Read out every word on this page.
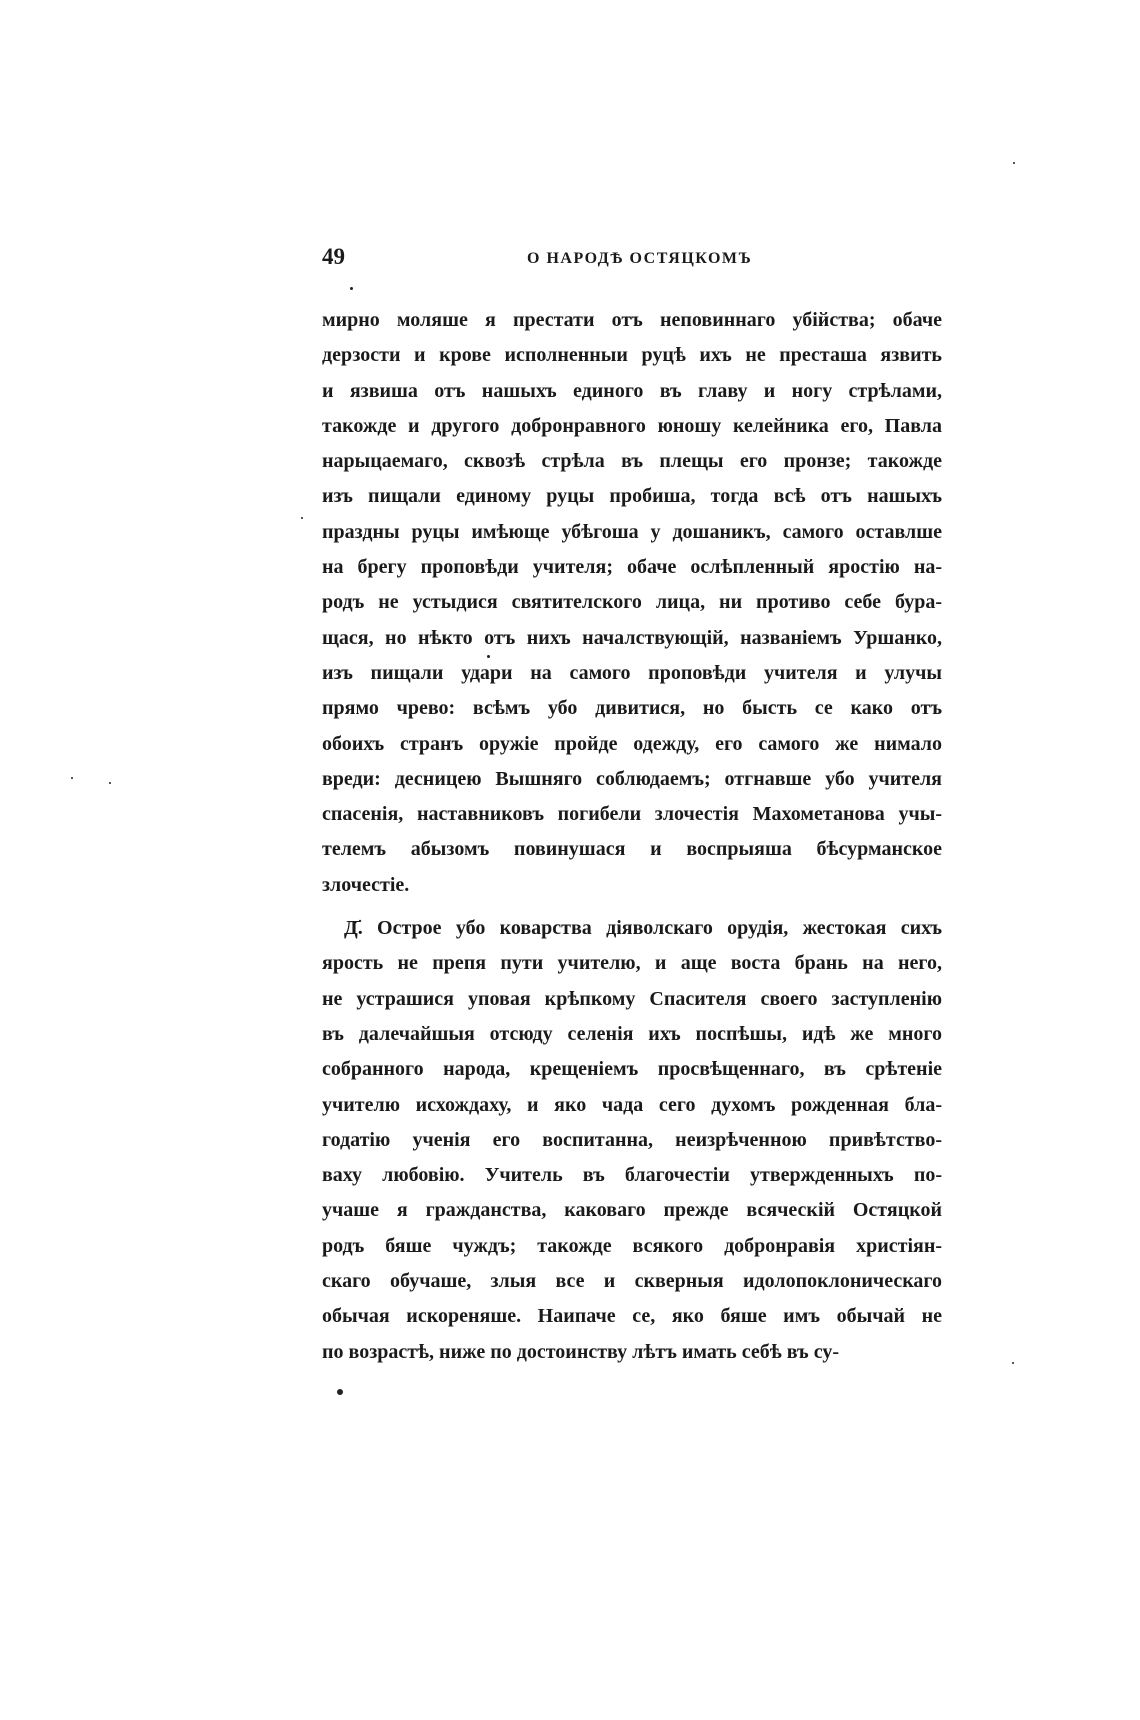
49	О НАРОДѢ ОСТЯЦКОМЪ
мирно моляше я престати отъ неповиннаго убійства; обаче
дерзости и крове исполненныи руцѣ ихъ не престаша язвить
и язвиша отъ нашыхъ единого въ главу и ногу стрѣлами,
такожде и другого добронравного юношу келейника его, Павла
нарыцаемаго, сквозѣ стрѣла въ плещы его пронзе; такожде
изъ пищали единому руцы пробиша, тогда всѣ отъ нашыхъ
праздны руцы имѣюще убѣгоша у дошаникъ, самого оставлше
на брегу проповѣди учителя; обаче ослѣпленный яростію на-
родъ не устыдися святителского лица, ни противо себе бура-
щася, но нѣкто отъ нихъ началствующій, названіемъ Уршанко,
изъ пищали удари на самого проповѣди учителя и улучы
прямо чрево: всѣмъ убо дивитися, но бысть се како отъ
обоихъ странъ оружіе пройде одежду, его самого же нимало
вреди: десницею Вышняго соблюдаемъ; отгнавше убо учителя
спасенія, наставниковъ погибели злочестія Махометанова учы-
телемъ абызомъ повинушася и воспрыяша бѣсурманское
злочестіе.
Д҃. Острое убо коварства діяволскаго орудія, жестокая сихъ
ярость не препя пути учителю, и аще воста брань на него,
не устрашися уповая крѣпкому Спасителя своего заступленію
въ далечайшыя отсюду селенія ихъ поспѣшы, идѣ же много
собранного народа, крещеніемъ просвѣщеннаго, въ срѣтеніе
учителю исхождаху, и яко чада сего духомъ рожденная бла-
годатію ученія его воспитанна, неизрѣченною привѣтство-
ваху любовію. Учитель въ благочестіи утвержденныхъ по-
учаше я гражданства, каковаго прежде всяческій Остяцкой
родъ бяше чуждъ; такожде всякого добронравія христіян-
скаго обучаше, злыя все и скверныя идолопоклоническаго
обычая искореняше. Наипаче се, яко бяше имъ обычай не
по возрастѣ, ниже по достоинству лѣтъ имать себѣ въ су-
